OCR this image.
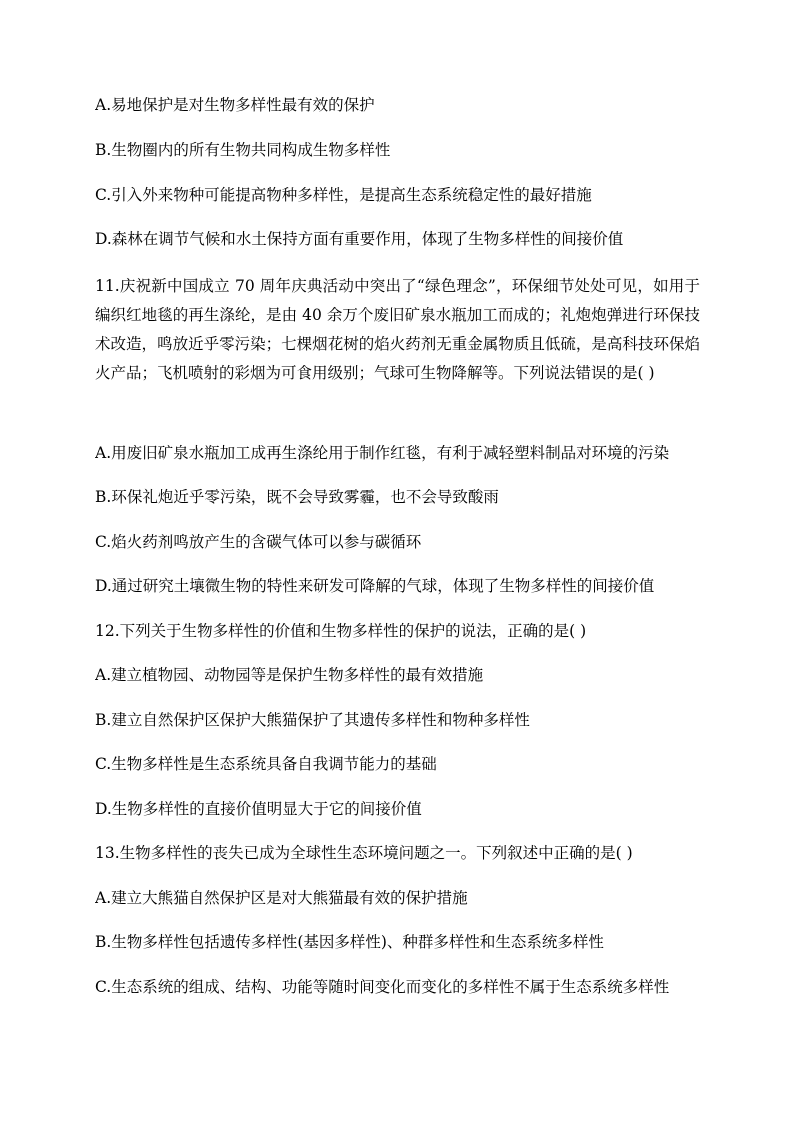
A.易地保护是对生物多样性最有效的保护
B.生物圈内的所有生物共同构成生物多样性
C.引入外来物种可能提高物种多样性，是提高生态系统稳定性的最好措施
D.森林在调节气候和水土保持方面有重要作用，体现了生物多样性的间接价值
11.庆祝新中国成立 70 周年庆典活动中突出了“绿色理念”，环保细节处处可见，如用于编织红地毯的再生涤纶，是由 40 余万个废旧矿泉水瓶加工而成的；礼炮炮弹进行环保技术改造，鸣放近乎零污染；七棵烟花树的焰火药剂无重金属物质且低硫，是高科技环保焰火产品；飞机喷射的彩烟为可食用级别；气球可生物降解等。下列说法错误的是( )
A.用废旧矿泉水瓶加工成再生涤纶用于制作红毯，有利于减轻塑料制品对环境的污染
B.环保礼炮近乎零污染，既不会导致雾霾，也不会导致酸雨
C.焰火药剂鸣放产生的含碳气体可以参与碳循环
D.通过研究土壤微生物的特性来研发可降解的气球，体现了生物多样性的间接价值
12.下列关于生物多样性的价值和生物多样性的保护的说法，正确的是( )
A.建立植物园、动物园等是保护生物多样性的最有效措施
B.建立自然保护区保护大熊猫保护了其遗传多样性和物种多样性
C.生物多样性是生态系统具备自我调节能力的基础
D.生物多样性的直接价值明显大于它的间接价值
13.生物多样性的丧失已成为全球性生态环境问题之一。下列叙述中正确的是( )
A.建立大熊猫自然保护区是对大熊猫最有效的保护措施
B.生物多样性包括遗传多样性(基因多样性)、种群多样性和生态系统多样性
C.生态系统的组成、结构、功能等随时间变化而变化的多样性不属于生态系统多样性
